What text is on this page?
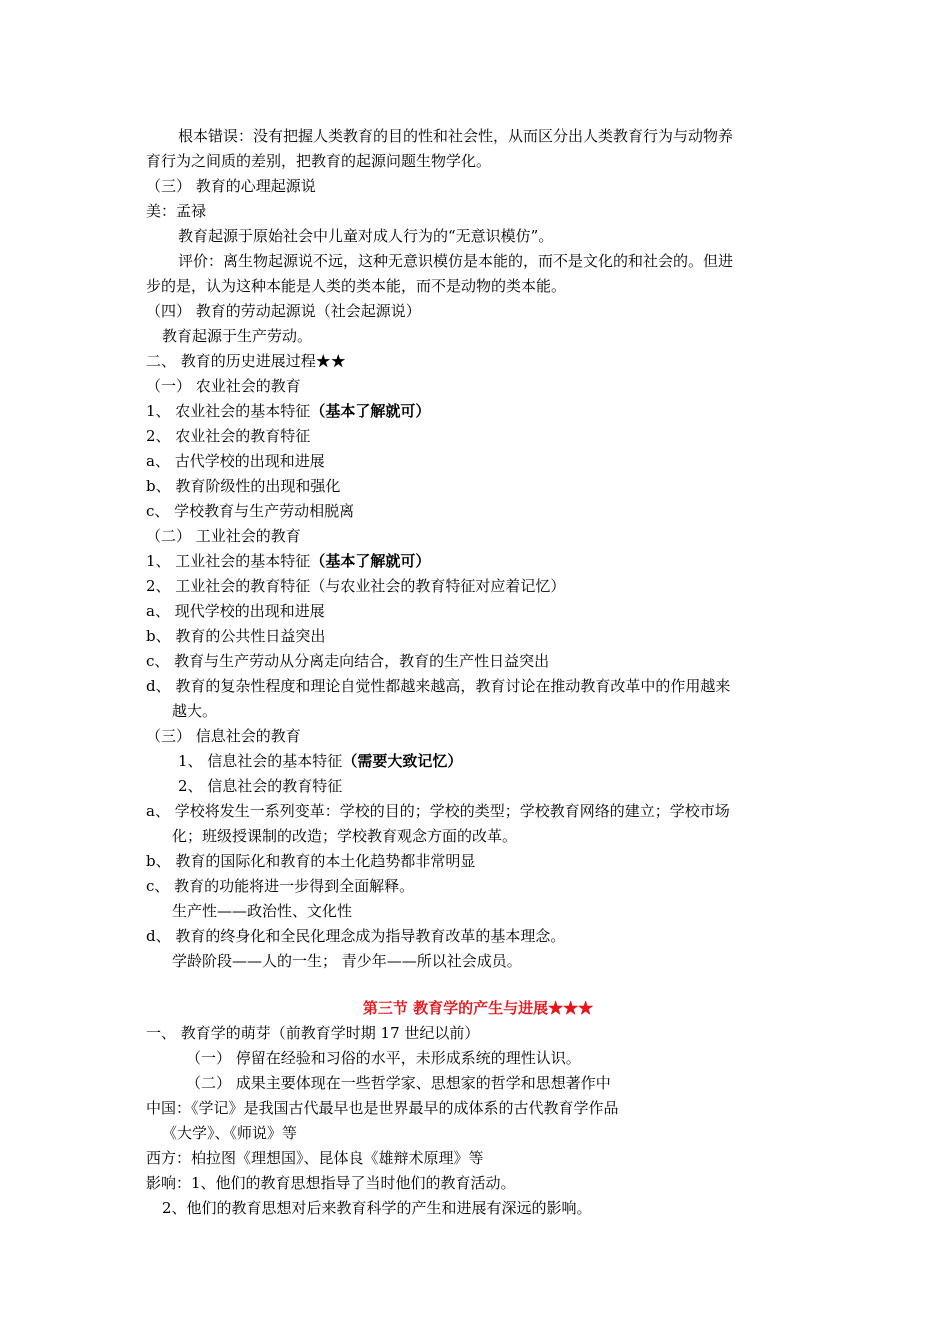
根本错误：没有把握人类教育的目的性和社会性，从而区分出人类教育行为与动物养
育行为之间质的差别，把教育的起源问题生物学化。
（三） 教育的心理起源说
美：孟禄
教育起源于原始社会中儿童对成人行为的“无意识模仿”。
评价：离生物起源说不远，这种无意识模仿是本能的，而不是文化的和社会的。但进
步的是，认为这种本能是人类的类本能，而不是动物的类本能。
（四） 教育的劳动起源说（社会起源说）
教育起源于生产劳动。
二、 教育的历史进展过程★★
（一） 农业社会的教育
1、 农业社会的基本特征（基本了解就可）
2、 农业社会的教育特征
a、 古代学校的出现和进展
b、 教育阶级性的出现和强化
c、 学校教育与生产劳动相脱离
（二） 工业社会的教育
1、 工业社会的基本特征（基本了解就可）
2、 工业社会的教育特征（与农业社会的教育特征对应着记忆）
a、 现代学校的出现和进展
b、 教育的公共性日益突出
c、 教育与生产劳动从分离走向结合，教育的生产性日益突出
d、 教育的复杂性程度和理论自觉性都越来越高，教育讨论在推动教育改革中的作用越来
越大。
（三） 信息社会的教育
1、 信息社会的基本特征（需要大致记忆）
2、 信息社会的教育特征
a、 学校将发生一系列变革：学校的目的；学校的类型；学校教育网络的建立；学校市场
化；班级授课制的改造；学校教育观念方面的改革。
b、 教育的国际化和教育的本土化趋势都非常明显
c、 教育的功能将进一步得到全面解释。
生产性——政治性、文化性
d、 教育的终身化和全民化理念成为指导教育改革的基本理念。
学龄阶段——人的一生； 青少年——所以社会成员。
第三节 教育学的产生与进展★★★
一、 教育学的萌芽（前教育学时期 17 世纪以前）
（一） 停留在经验和习俗的水平，未形成系统的理性认识。
（二） 成果主要体现在一些哲学家、思想家的哲学和思想著作中
中国：《学记》是我国古代最早也是世界最早的成体系的古代教育学作品
《大学》、《师说》等
西方：柏拉图《理想国》、昆体良《雄辩术原理》等
影响：1、他们的教育思想指导了当时他们的教育活动。
2、他们的教育思想对后来教育科学的产生和进展有深远的影响。
